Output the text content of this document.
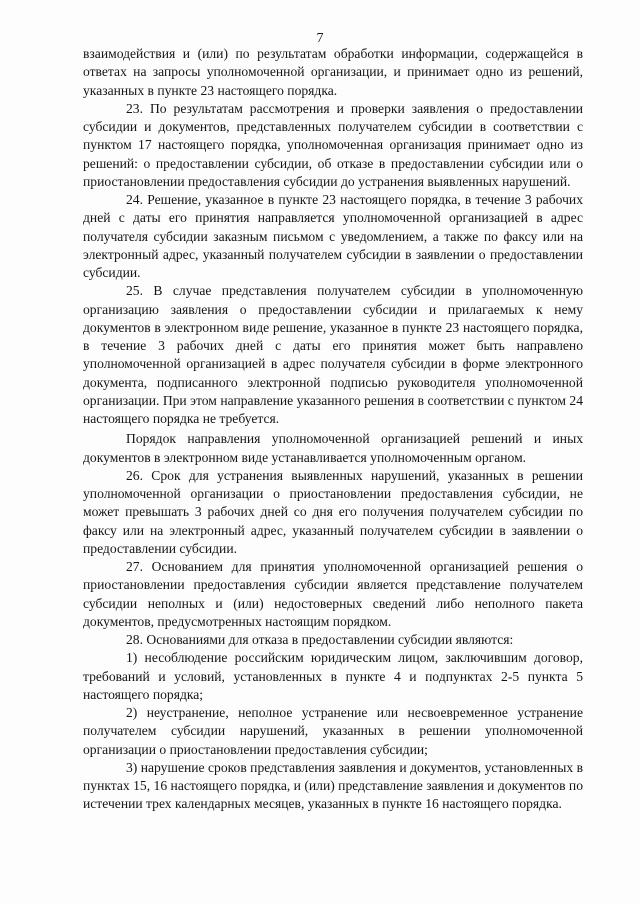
7

взаимодействия и (или) по результатам обработки информации, содержащейся в ответах на запросы уполномоченной организации, и принимает одно из решений, указанных в пункте 23 настоящего порядка.

23. По результатам рассмотрения и проверки заявления о предоставлении субсидии и документов, представленных получателем субсидии в соответствии с пунктом 17 настоящего порядка, уполномоченная организация принимает одно из решений: о предоставлении субсидии, об отказе в предоставлении субсидии или о приостановлении предоставления субсидии до устранения выявленных нарушений.

24. Решение, указанное в пункте 23 настоящего порядка, в течение 3 рабочих дней с даты его принятия направляется уполномоченной организацией в адрес получателя субсидии заказным письмом с уведомлением, а также по факсу или на электронный адрес, указанный получателем субсидии в заявлении о предоставлении субсидии.

25. В случае представления получателем субсидии в уполномоченную организацию заявления о предоставлении субсидии и прилагаемых к нему документов в электронном виде решение, указанное в пункте 23 настоящего порядка, в течение 3 рабочих дней с даты его принятия может быть направлено уполномоченной организацией в адрес получателя субсидии в форме электронного документа, подписанного электронной подписью руководителя уполномоченной организации. При этом направление указанного решения в соответствии с пунктом 24 настоящего порядка не требуется.

Порядок направления уполномоченной организацией решений и иных документов в электронном виде устанавливается уполномоченным органом.

26. Срок для устранения выявленных нарушений, указанных в решении уполномоченной организации о приостановлении предоставления субсидии, не может превышать 3 рабочих дней со дня его получения получателем субсидии по факсу или на электронный адрес, указанный получателем субсидии в заявлении о предоставлении субсидии.

27. Основанием для принятия уполномоченной организацией решения о приостановлении предоставления субсидии является представление получателем субсидии неполных и (или) недостоверных сведений либо неполного пакета документов, предусмотренных настоящим порядком.

28. Основаниями для отказа в предоставлении субсидии являются:

1) несоблюдение российским юридическим лицом, заключившим договор, требований и условий, установленных в пункте 4 и подпунктах 2-5 пункта 5 настоящего порядка;

2) неустранение, неполное устранение или несвоевременное устранение получателем субсидии нарушений, указанных в решении уполномоченной организации о приостановлении предоставления субсидии;

3) нарушение сроков представления заявления и документов, установленных в пунктах 15, 16 настоящего порядка, и (или) представление заявления и документов по истечении трех календарных месяцев, указанных в пункте 16 настоящего порядка.
